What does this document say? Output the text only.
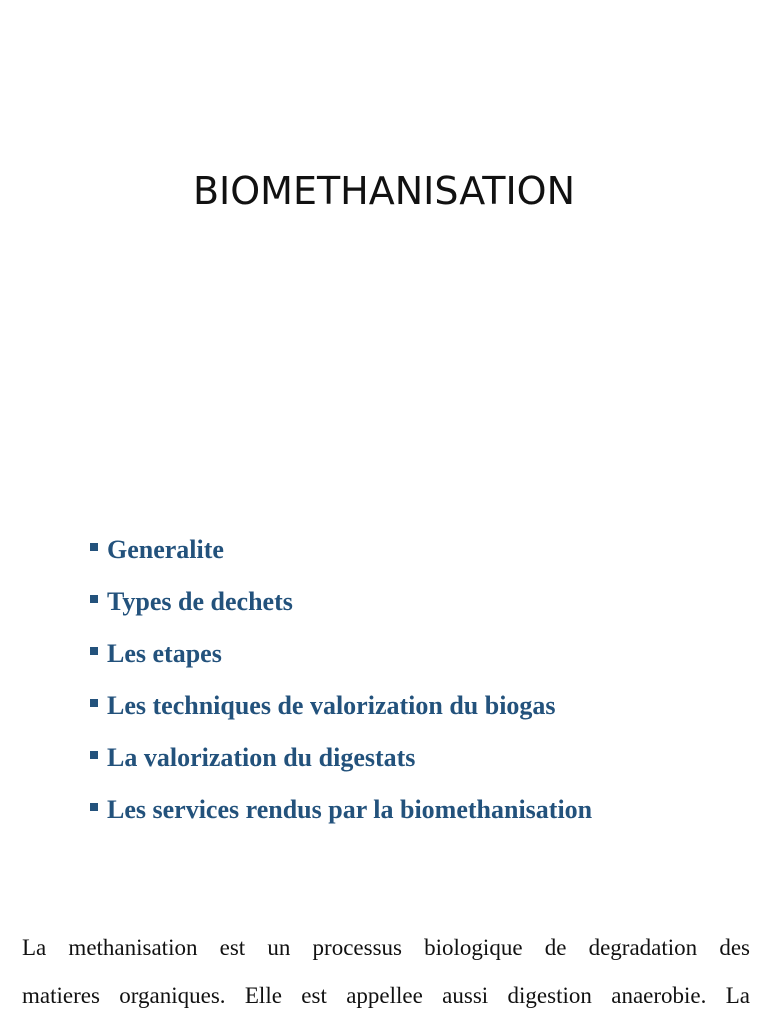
BIOMETHANISATION
Generalite
Types de dechets
Les etapes
Les techniques de valorization du biogas
La valorization du digestats
Les services rendus par la biomethanisation

La methanisation est un processus biologique de degradation des
matieres organiques. Elle est appellee aussi digestion anaerobie. La
